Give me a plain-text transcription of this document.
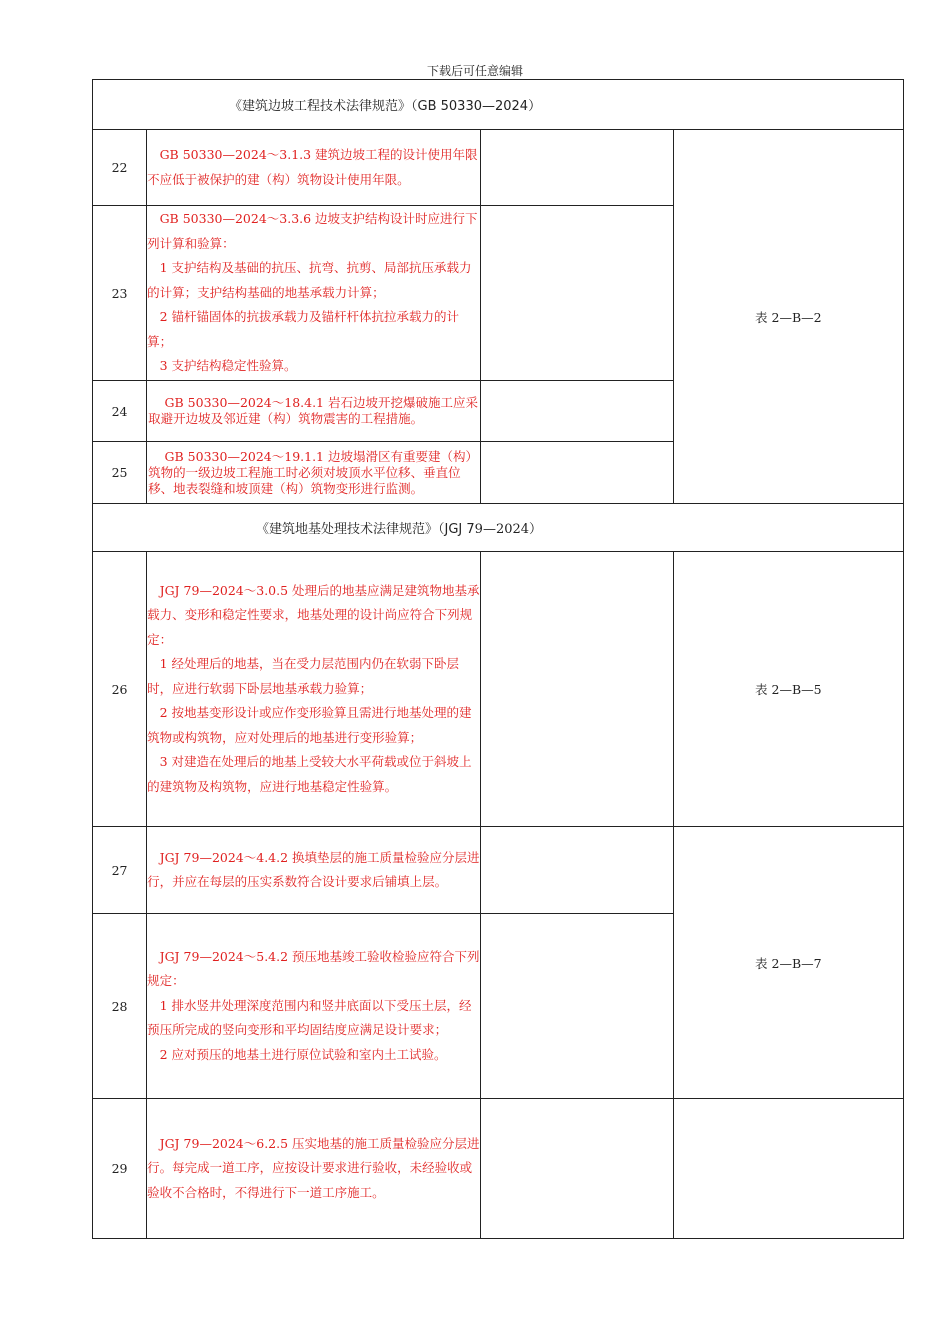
下载后可任意编辑
《建筑边坡工程技术法律规范》（GB 50330—2024）			

22	　GB 50330—2024～3.1.3 建筑边坡工程的设计使用年限不应低于被保护的建（构）筑物设计使用年限。		表 2—B—2
23	　GB 50330—2024～3.3.6 边坡支护结构设计时应进行下列计算和验算：

　1 支护结构及基础的抗压、抗弯、抗剪、局部抗压承载力的计算；支护结构基础的地基承载力计算；

　2 锚杆锚固体的抗拔承载力及锚杆杆体抗拉承载力的计算；

　3 支护结构稳定性验算。		

24	　 GB 50330—2024～18.4.1 岩石边坡开挖爆破施工应采取避开边坡及邻近建（构）筑物震害的工程措施。		

25	　 GB 50330—2024～19.1.1 边坡塌滑区有重要建（构）筑物的一级边坡工程施工时必须对坡顶水平位移、垂直位移、地表裂缝和坡顶建（构）筑物变形进行监测。		

《建筑地基处理技术法律规范》（JGJ 79—2024）			

26	　JGJ 79—2024～3.0.5 处理后的地基应满足建筑物地基承载力、变形和稳定性要求，地基处理的设计尚应符合下列规定：

　1 经处理后的地基，当在受力层范围内仍在软弱下卧层时，应进行软弱下卧层地基承载力验算；

　2 按地基变形设计或应作变形验算且需进行地基处理的建筑物或构筑物，应对处理后的地基进行变形验算；

　3 对建造在处理后的地基上受较大水平荷载或位于斜坡上的建筑物及构筑物，应进行地基稳定性验算。		表 2—B—5
27	　JGJ 79—2024～4.4.2 换填垫层的施工质量检验应分层进行，并应在每层的压实系数符合设计要求后铺填上层。		表 2—B—7
28	　JGJ 79—2024～5.4.2 预压地基竣工验收检验应符合下列规定：

　1 排水竖井处理深度范围内和竖井底面以下受压土层，经预压所完成的竖向变形和平均固结度应满足设计要求；

　2 应对预压的地基土进行原位试验和室内土工试验。		

29	　JGJ 79—2024～6.2.5 压实地基的施工质量检验应分层进行。每完成一道工序，应按设计要求进行验收，未经验收或验收不合格时，不得进行下一道工序施工。		
